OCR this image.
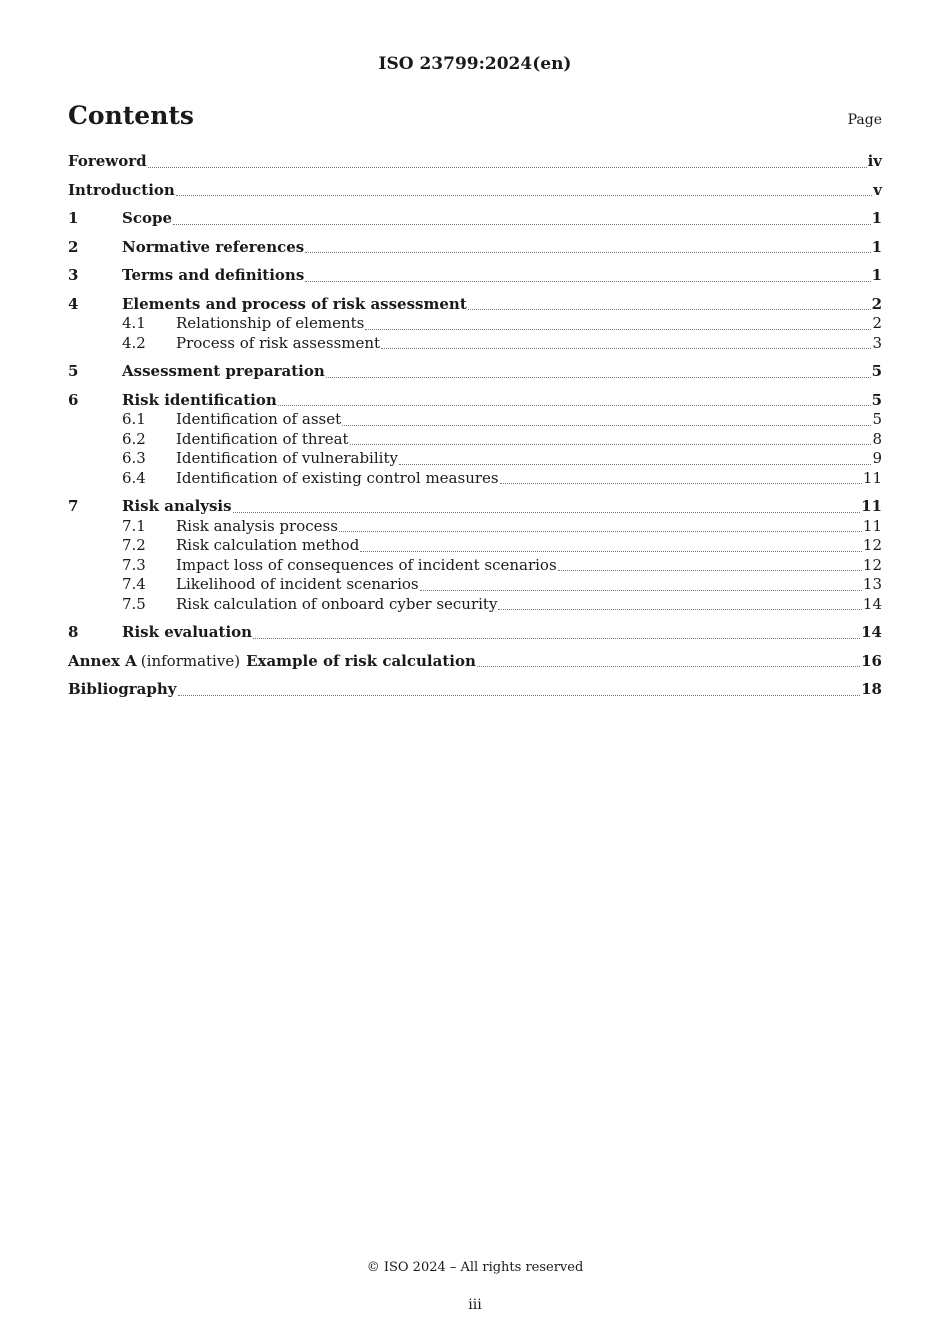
ISO 23799:2024(en)
Contents	Page
Foreword	iv
Introduction	v
1	Scope	1
2	Normative references	1
3	Terms and definitions	1
4	Elements and process of risk assessment	2
4.1	Relationship of elements	2
4.2	Process of risk assessment	3
5	Assessment preparation	5
6	Risk identification	5
6.1	Identification of asset	5
6.2	Identification of threat	8
6.3	Identification of vulnerability	9
6.4	Identification of existing control measures	11
7	Risk analysis	11
7.1	Risk analysis process	11
7.2	Risk calculation method	12
7.3	Impact loss of consequences of incident scenarios	12
7.4	Likelihood of incident scenarios	13
7.5	Risk calculation of onboard cyber security	14
8	Risk evaluation	14
Annex A (informative) Example of risk calculation	16
Bibliography	18
© ISO 2024 – All rights reserved
iii
